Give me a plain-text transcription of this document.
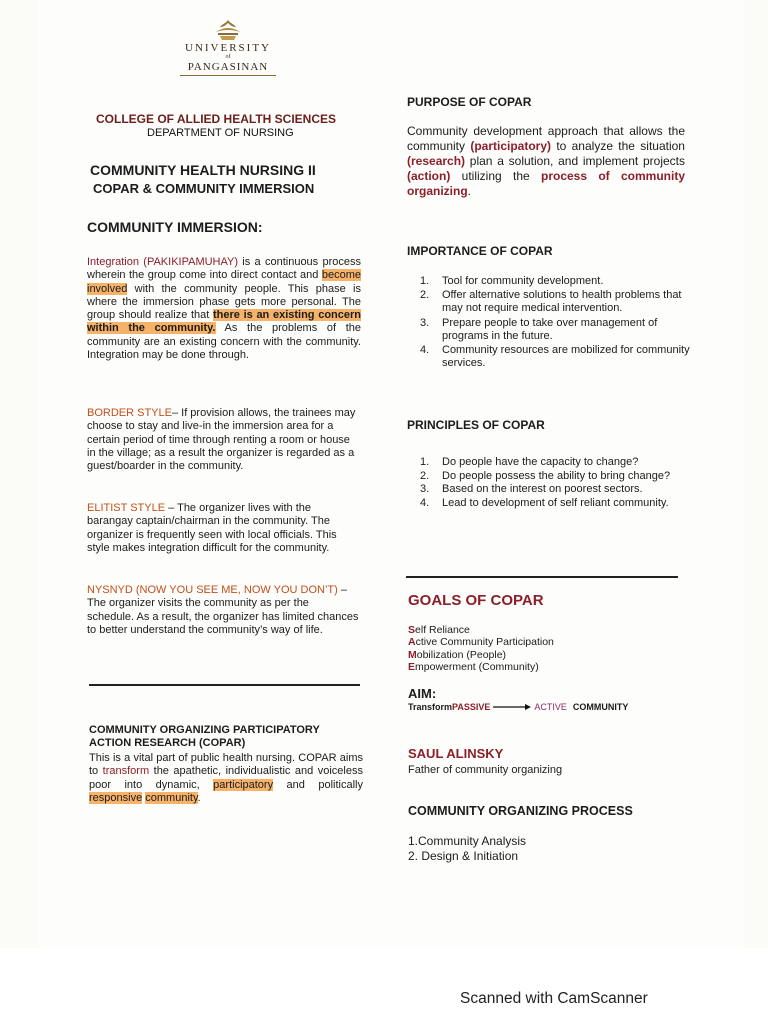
UNIVERSITY
of
PANGASINAN
COLLEGE OF ALLIED HEALTH SCIENCES
DEPARTMENT OF NURSING
COMMUNITY HEALTH NURSING II
COPAR & COMMUNITY IMMERSION
COMMUNITY IMMERSION:
Integration (PAKIKIPAMUHAY) is a continuous process wherein the group come into direct contact and become involved with the community people. This phase is where the immersion phase gets more personal. The group should realize that there is an existing concern within the community. As the problems of the community are an existing concern with the community. Integration may be done through.
BORDER STYLE– If provision allows, the trainees may choose to stay and live-in the immersion area for a certain period of time through renting a room or house in the village; as a result the organizer is regarded as a guest/boarder in the community.
ELITIST STYLE – The organizer lives with the barangay captain/chairman in the community. The organizer is frequently seen with local officials. This style makes integration difficult for the community.
NYSNYD (NOW YOU SEE ME, NOW YOU DON’T) – The organizer visits the community as per the schedule. As a result, the organizer has limited chances to better understand the community’s way of life.
COMMUNITY ORGANIZING PARTICIPATORY ACTION RESEARCH (COPAR)
This is a vital part of public health nursing. COPAR aims to transform the apathetic, individualistic and voiceless poor into dynamic, participatory and politically responsive community.
PURPOSE OF COPAR
Community development approach that allows the community (participatory) to analyze the situation (research) plan a solution, and implement projects (action) utilizing the process of community organizing.
IMPORTANCE OF COPAR
1.	Tool for community development.
2.	Offer alternative solutions to health problems that may not require medical intervention.
3.	Prepare people to take over management of programs in the future.
4.	Community resources are mobilized for community services.
PRINCIPLES OF COPAR
1.	Do people have the capacity to change?
2.	Do people possess the ability to bring change?
3.	Based on the interest on poorest sectors.
4.	Lead to development of self reliant community.
GOALS OF COPAR
Self Reliance
Active Community Participation
Mobilization (People)
Empowerment (Community)
AIM:
Transform PASSIVE	ACTIVE COMMUNITY
SAUL ALINSKY
Father of community organizing
COMMUNITY ORGANIZING PROCESS
1.Community Analysis
2. Design & Initiation
Scanned with CamScanner
